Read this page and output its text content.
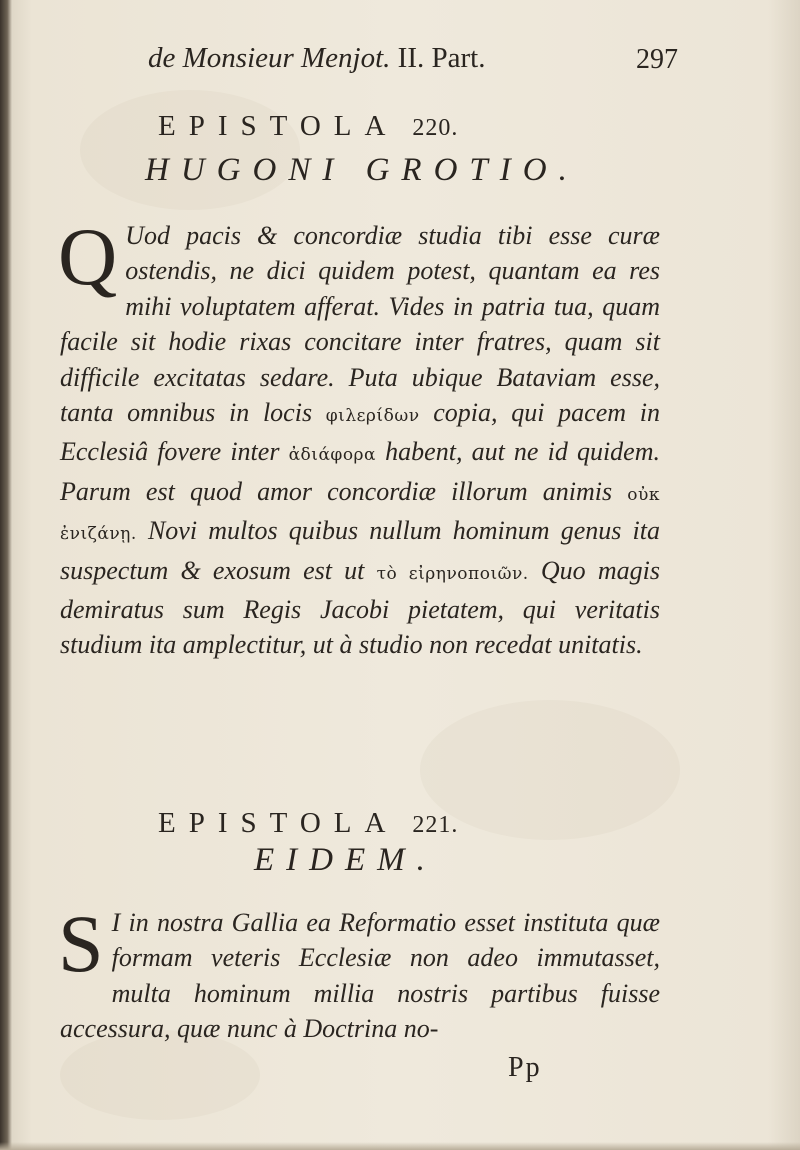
de Monsieur Menjot. II. Part.	297
EPISTOLA 220.
HUGONI GROTIO.
Q Uod pacis & concordiæ studia tibi esse curæ ostendis, ne dici quidem potest, quantam ea res mihi voluptatem afferat. Vides in patria tua, quam facile sit hodie rixas concitare inter fratres, quam sit difficile excitatas sedare. Puta ubique Bataviam esse, tanta omnibus in locis φιλερίδων copia, qui pacem in Ecclesiâ fovere inter ἀδιάφορα habent, aut ne id quidem. Parum est quod amor concordiæ illorum animis οὐκ ἐνιζάνῃ. Novi multos quibus nullum hominum genus ita suspectum & exosum est ut τὸ εἰρηνοποιῶν. Quo magis demiratus sum Regis Jacobi pietatem, qui veritatis studium ita amplectitur, ut à studio non recedat unitatis.
EPISTOLA 221.
EIDEM.
S I in nostra Gallia ea Reformatio esset instituta quæ formam veteris Ecclesiæ non adeo immutasset, multa hominum millia nostris partibus fuisse accessura, quæ nunc à Doctrina no-
Pp
